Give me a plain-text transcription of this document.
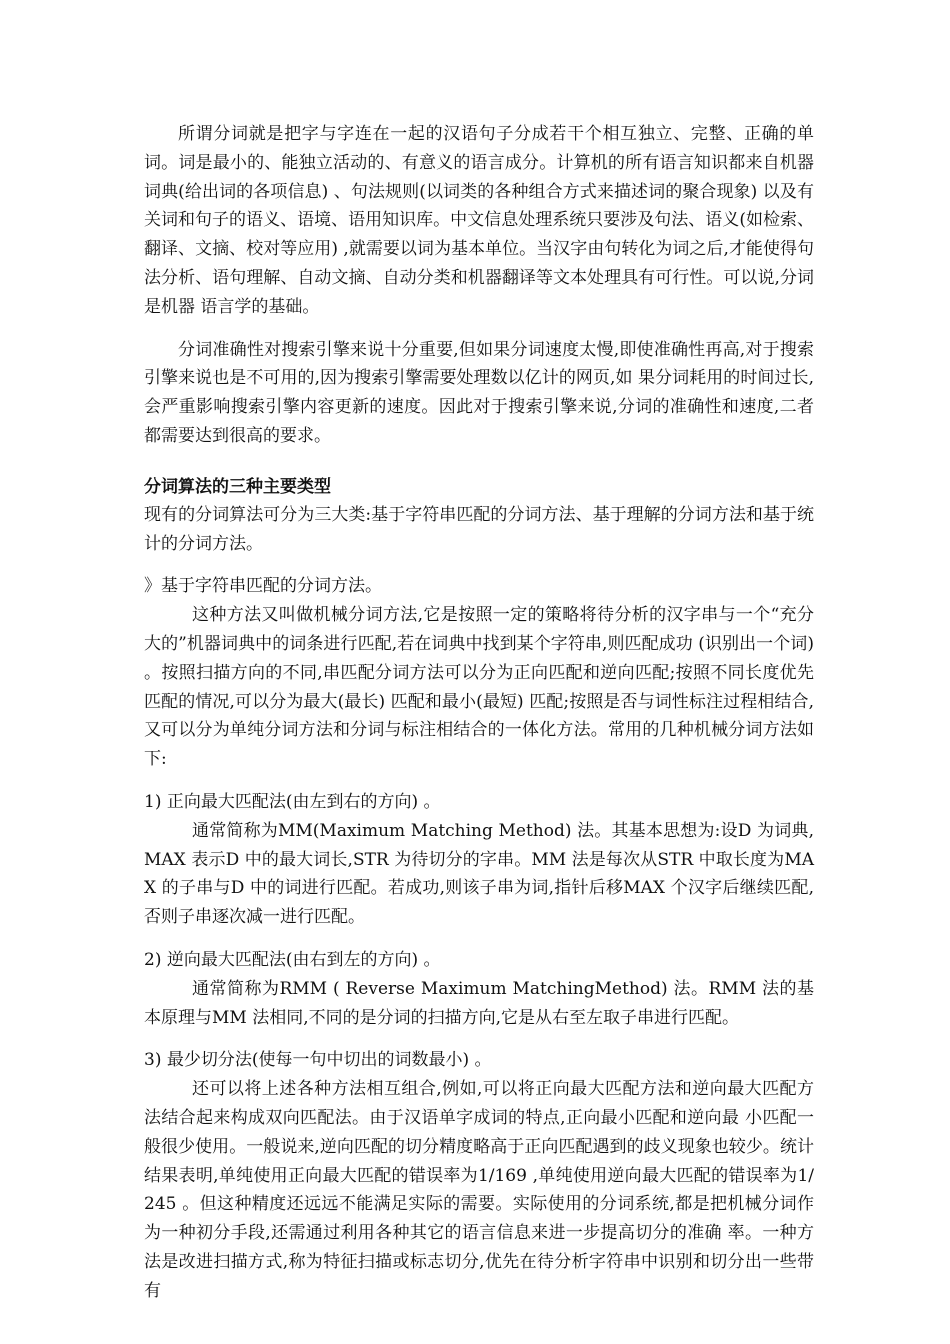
所谓分词就是把字与字连在一起的汉语句子分成若干个相互独立、完整、正确的单词。词是最小的、能独立活动的、有意义的语言成分。计算机的所有语言知识都来自机器词典(给出词的各项信息) 、句法规则(以词类的各种组合方式来描述词的聚合现象) 以及有关词和句子的语义、语境、语用知识库。中文信息处理系统只要涉及句法、语义(如检索、翻译、文摘、校对等应用) ,就需要以词为基本单位。当汉字由句转化为词之后,才能使得句法分析、语句理解、自动文摘、自动分类和机器翻译等文本处理具有可行性。可以说,分词是机器 语言学的基础。

分词准确性对搜索引擎来说十分重要,但如果分词速度太慢,即使准确性再高,对于搜索引擎来说也是不可用的,因为搜索引擎需要处理数以亿计的网页,如 果分词耗用的时间过长,会严重影响搜索引擎内容更新的速度。因此对于搜索引擎来说,分词的准确性和速度,二者都需要达到很高的要求。

分词算法的三种主要类型

现有的分词算法可分为三大类:基于字符串匹配的分词方法、基于理解的分词方法和基于统计的分词方法。

》基于字符串匹配的分词方法。

这种方法又叫做机械分词方法,它是按照一定的策略将待分析的汉字串与一个“充分大的”机器词典中的词条进行匹配,若在词典中找到某个字符串,则匹配成功 (识别出一个词) 。按照扫描方向的不同,串匹配分词方法可以分为正向匹配和逆向匹配;按照不同长度优先匹配的情况,可以分为最大(最长) 匹配和最小(最短) 匹配;按照是否与词性标注过程相结合,又可以分为单纯分词方法和分词与标注相结合的一体化方法。常用的几种机械分词方法如下:

1) 正向最大匹配法(由左到右的方向) 。

通常简称为MM(Maximum Matching Method) 法。其基本思想为:设D 为词典,MAX 表示D 中的最大词长,STR 为待切分的字串。MM 法是每次从STR 中取长度为MAX 的子串与D 中的词进行匹配。若成功,则该子串为词,指针后移MAX 个汉字后继续匹配,否则子串逐次减一进行匹配。

2) 逆向最大匹配法(由右到左的方向) 。

通常简称为RMM ( Reverse Maximum MatchingMethod) 法。RMM 法的基本原理与MM 法相同,不同的是分词的扫描方向,它是从右至左取子串进行匹配。

3) 最少切分法(使每一句中切出的词数最小) 。

还可以将上述各种方法相互组合,例如,可以将正向最大匹配方法和逆向最大匹配方法结合起来构成双向匹配法。由于汉语单字成词的特点,正向最小匹配和逆向最 小匹配一般很少使用。一般说来,逆向匹配的切分精度略高于正向匹配遇到的歧义现象也较少。统计结果表明,单纯使用正向最大匹配的错误率为1/169 ,单纯使用逆向最大匹配的错误率为1/ 245 。但这种精度还远远不能满足实际的需要。实际使用的分词系统,都是把机械分词作为一种初分手段,还需通过利用各种其它的语言信息来进一步提高切分的准确 率。一种方法是改进扫描方式,称为特征扫描或标志切分,优先在待分析字符串中识别和切分出一些带有
